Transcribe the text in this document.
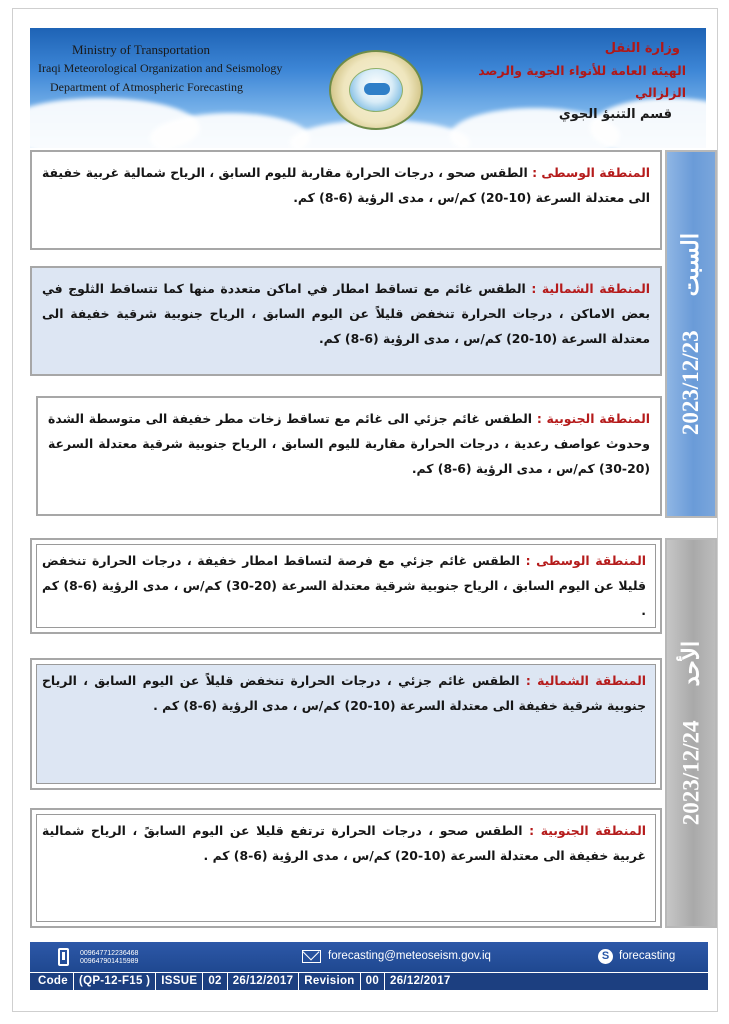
Ministry of Transportation
Iraqi Meteorological Organization and Seismology
Department of Atmospheric Forecasting
وزارة النقل
الهيئة العامة للأنواء الجوية والرصد الزلزالي
قسم التنبؤ الجوي
المنطقة الوسطى : الطقس صحو ، درجات الحرارة مقاربة لليوم السابق ، الرياح شمالية غربية خفيفة الى معتدلة السرعة (10-20) كم/س ، مدى الرؤية (6-8) كم.
المنطقة الشمالية : الطقس غائم مع تساقط امطار في اماكن متعددة منها كما تتساقط الثلوج في بعض الاماكن ، درجات الحرارة تنخفض قليلاً عن اليوم السابق ، الرياح جنوبية شرقية خفيفة الى معتدلة السرعة (10-20) كم/س ، مدى الرؤية (6-8) كم.
المنطقة الجنوبية : الطقس غائم جزئي الى غائم مع تساقط زخات مطر خفيفة الى متوسطة الشدة وحدوث عواصف رعدية ، درجات الحرارة مقاربة لليوم السابق ، الرياح جنوبية شرقية معتدلة السرعة (20-30) كم/س ، مدى الرؤية (6-8) كم.
2023/12/23
السبت
المنطقة الوسطى : الطقس غائم جزئي مع فرصة لتساقط امطار خفيفة ، درجات الحرارة تنخفض قليلا عن اليوم السابق ، الرياح جنوبية شرقية معتدلة السرعة (20-30) كم/س ، مدى الرؤية (6-8) كم .
المنطقة الشمالية : الطقس غائم جزئي ، درجات الحرارة تنخفض قليلاً عن اليوم السابق ، الرياح جنوبية شرقية خفيفة الى معتدلة السرعة (10-20) كم/س ، مدى الرؤية (6-8) كم .
المنطقة الجنوبية : الطقس صحو ، درجات الحرارة ترتفع قليلا عن اليوم السابقً ، الرياح شمالية غربية خفيفة الى معتدلة السرعة (10-20) كم/س ، مدى الرؤية (6-8) كم .
2023/12/24
الأحد
009647712236468
009647901415989	forecasting@meteoseism.gov.iq	S forecasting
Code (QP-12-F15 ) ISSUE 02 26/12/2017 Revision 00 26/12/2017
